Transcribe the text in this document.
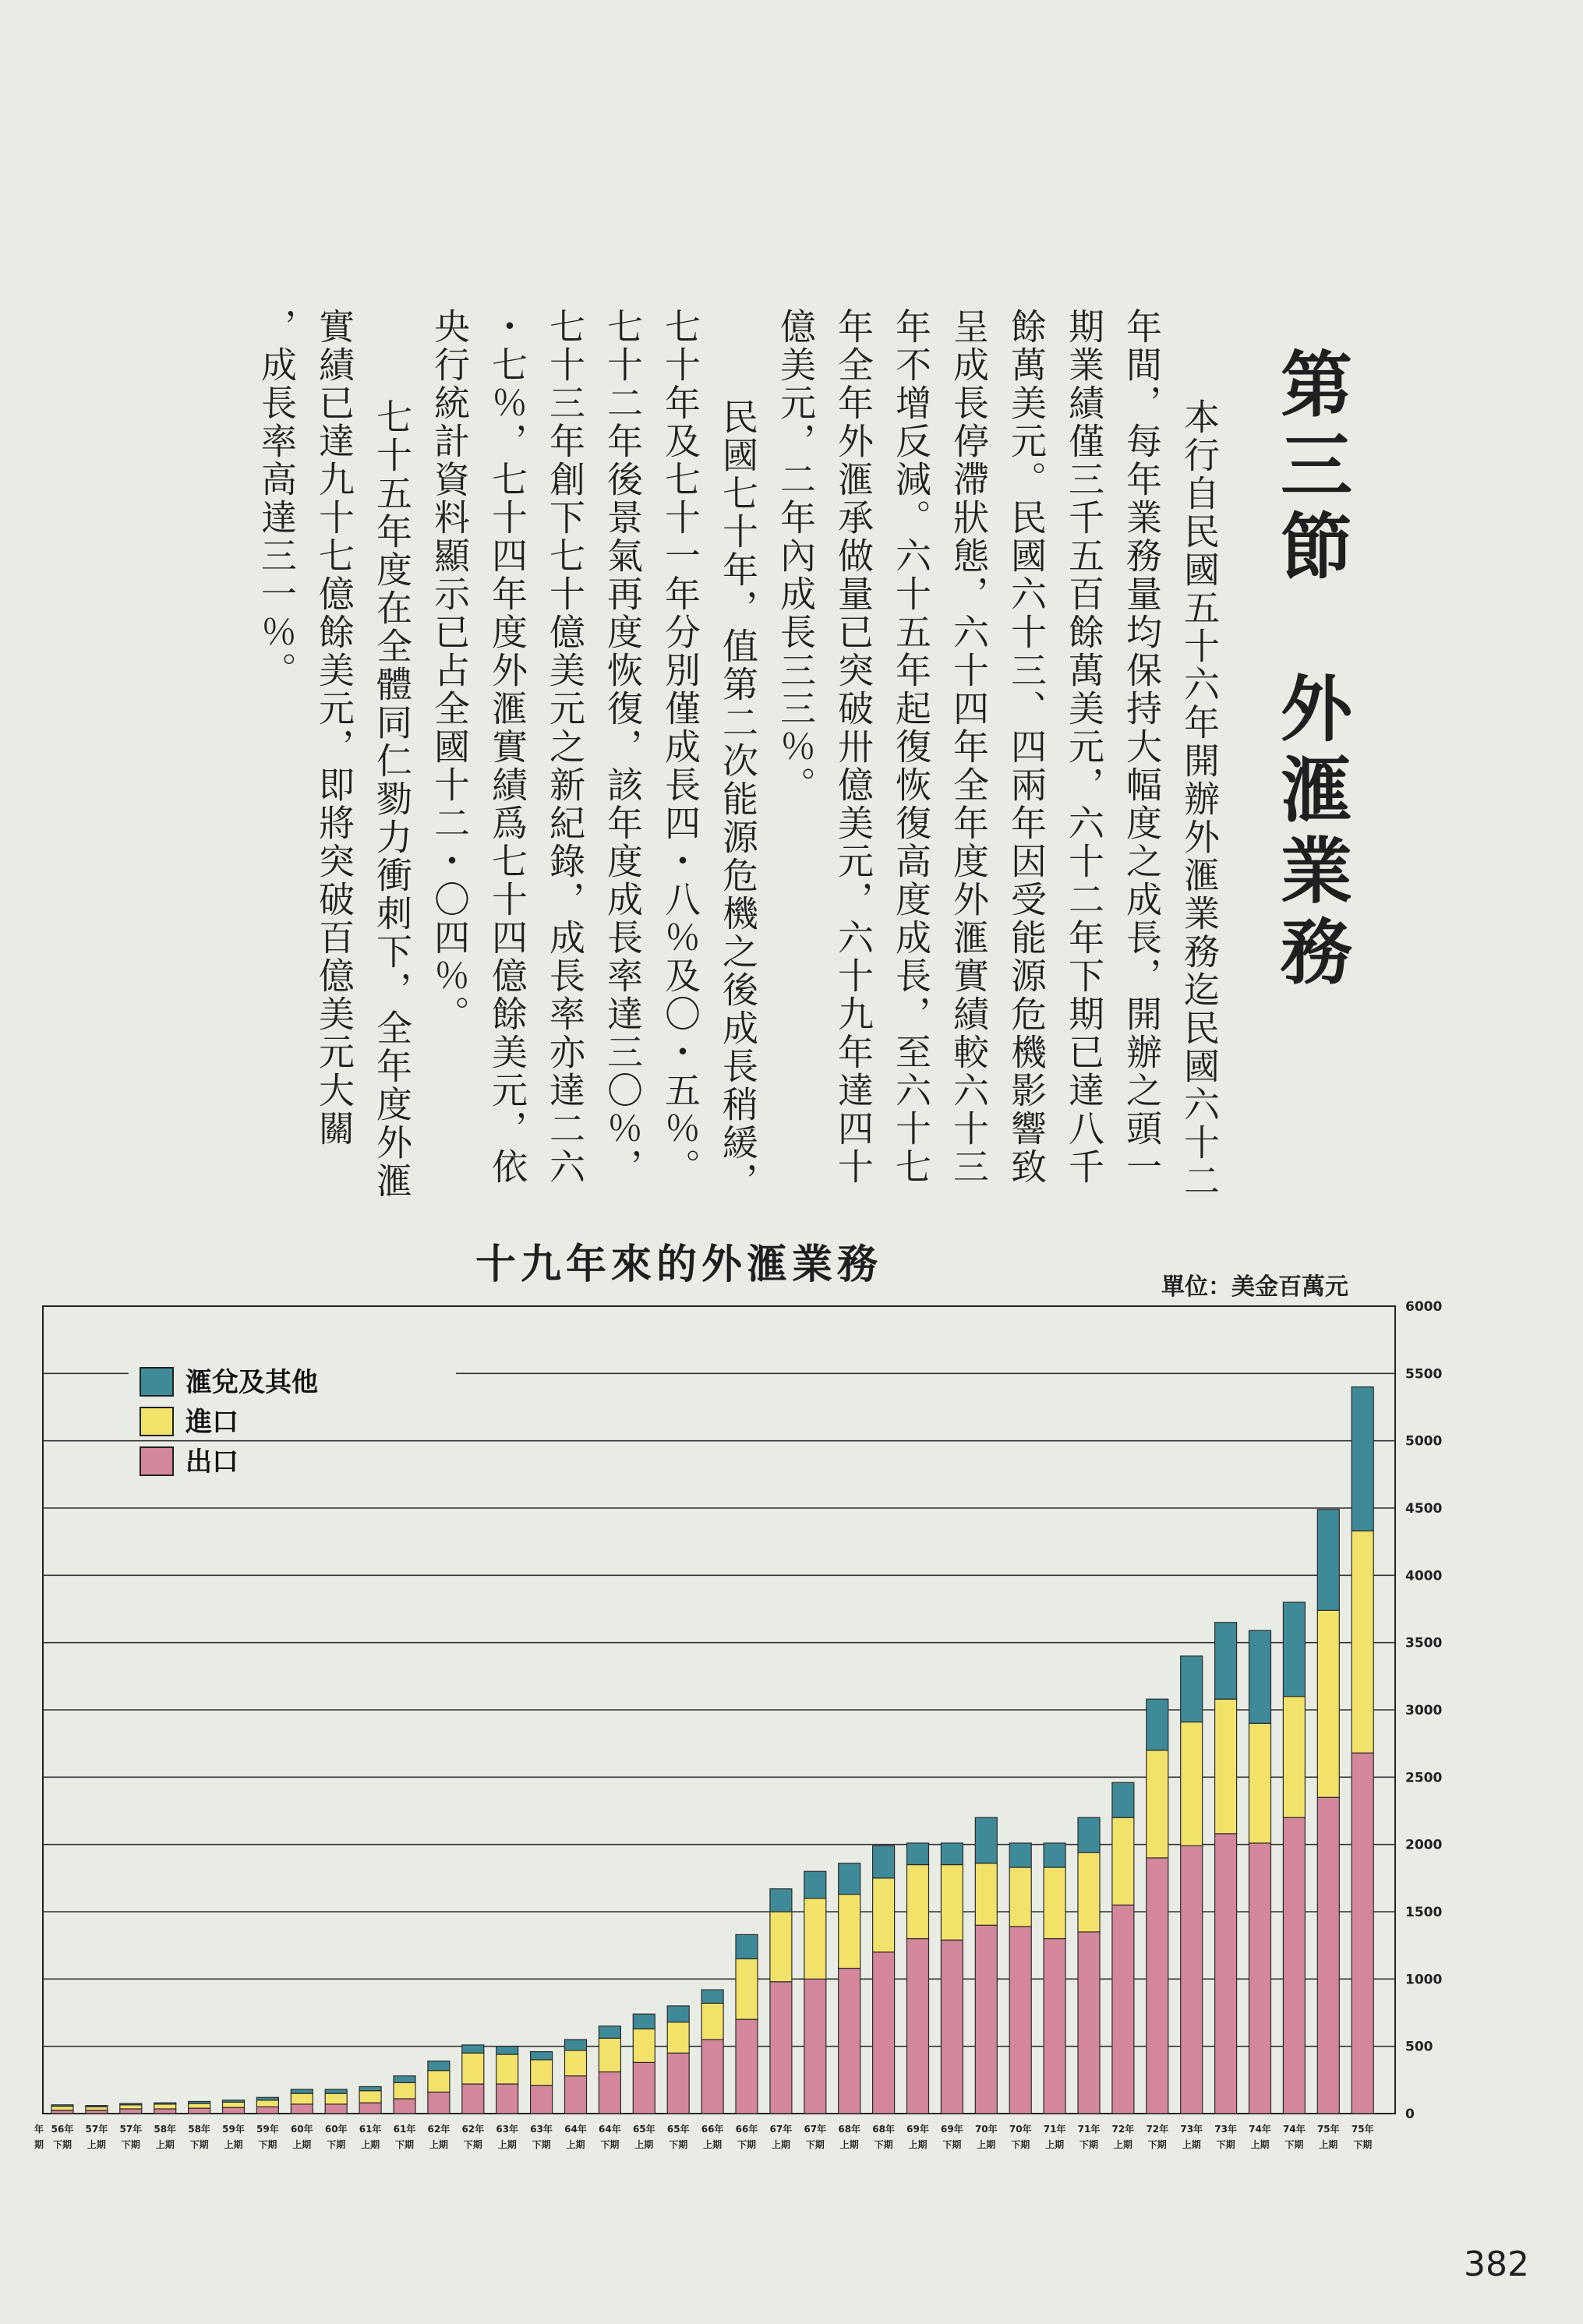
第三節　外滙業務
本行自民國五十六年開辦外滙業務迄民國六十二
年間，每年業務量均保持大幅度之成長，開辦之頭一
期業績僅三千五百餘萬美元，六十二年下期已達八千
餘萬美元。民國六十三、四兩年因受能源危機影響致
呈成長停滯狀態，六十四年全年度外滙實績較六十三
年不增反減。六十五年起復恢復高度成長，至六十七
年全年外滙承做量已突破卅億美元，六十九年達四十
億美元，二年內成長三三％。
民國七十年，值第二次能源危機之後成長稍緩，
七十年及七十一年分別僅成長四・八％及〇・五％。
七十二年後景氣再度恢復，該年度成長率達三〇％，
七十三年創下七十億美元之新紀錄，成長率亦達二六
・七％，七十四年度外滙實績爲七十四億餘美元，依
央行統計資料顯示已占全國十二・〇四％。
七十五年度在全體同仁勠力衝刺下，全年度外滙
實績已達九十七億餘美元，即將突破百億美元大關
，成長率高達三一％。
十九年來的外滙業務	單位：美金百萬元
0
500
1000
1500
2000
2500
3000
3500
4000
4500
5000
5500
6000
滙兌及其他
進口
出口
56年
下期
57年
上期
57年
下期
58年
上期
58年
下期
59年
上期
59年
下期
60年
上期
60年
下期
61年
上期
61年
下期
62年
上期
62年
下期
63年
上期
63年
下期
64年
上期
64年
下期
65年
上期
65年
下期
66年
上期
66年
下期
67年
上期
67年
下期
68年
上期
68年
下期
69年
上期
69年
下期
70年
上期
70年
下期
71年
上期
71年
下期
72年
上期
72年
下期
73年
上期
73年
下期
74年
上期
74年
下期
75年
上期
75年
下期
年
期
382
